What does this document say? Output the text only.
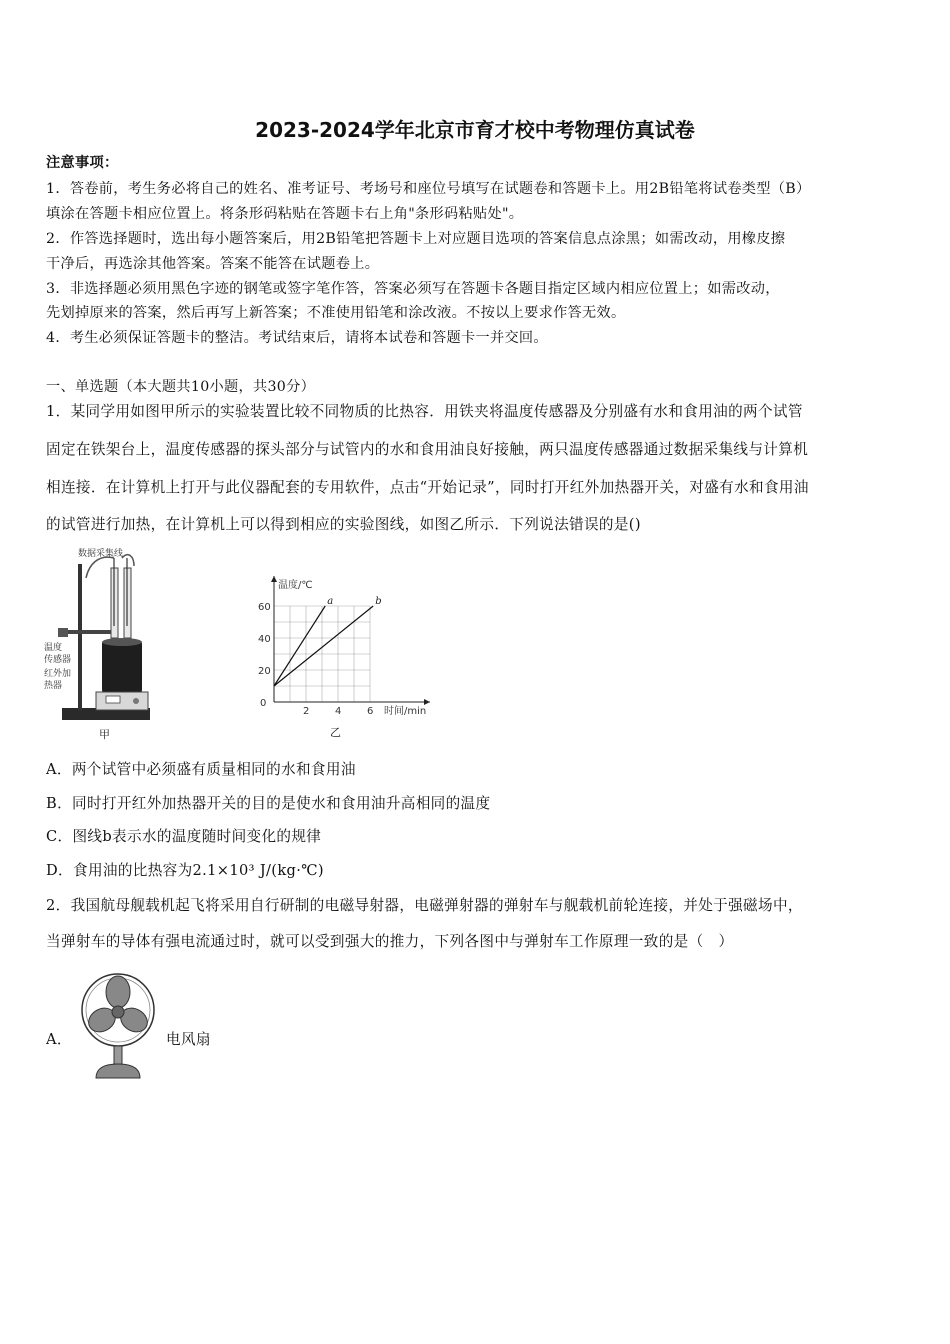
2023-2024学年北京市育才校中考物理仿真试卷
注意事项：
1．答卷前，考生务必将自己的姓名、准考证号、考场号和座位号填写在试题卷和答题卡上。用2B铅笔将试卷类型（B）
填涂在答题卡相应位置上。将条形码粘贴在答题卡右上角"条形码粘贴处"。
2．作答选择题时，选出每小题答案后，用2B铅笔把答题卡上对应题目选项的答案信息点涂黑；如需改动，用橡皮擦
干净后，再选涂其他答案。答案不能答在试题卷上。
3．非选择题必须用黑色字迹的钢笔或签字笔作答，答案必须写在答题卡各题目指定区域内相应位置上；如需改动，
先划掉原来的答案，然后再写上新答案；不准使用铅笔和涂改液。不按以上要求作答无效。
4．考生必须保证答题卡的整洁。考试结束后，请将本试卷和答题卡一并交回。
一、单选题（本大题共10小题，共30分）
1．某同学用如图甲所示的实验装置比较不同物质的比热容．用铁夹将温度传感器及分别盛有水和食用油的两个试管
固定在铁架台上，温度传感器的探头部分与试管内的水和食用油良好接触，两只温度传感器通过数据采集线与计算机
相连接．在计算机上打开与此仪器配套的专用软件，点击“开始记录”，同时打开红外加热器开关，对盛有水和食用油
的试管进行加热，在计算机上可以得到相应的实验图线，如图乙所示．下列说法错误的是()
数据采集线
温度
传感器
红外加
热器
甲
2	4	6
20
40
60
0
温度/℃
时间/min
乙
a	b
A．两个试管中必须盛有质量相同的水和食用油
B．同时打开红外加热器开关的目的是使水和食用油升高相同的温度
C．图线b表示水的温度随时间变化的规律
D．食用油的比热容为2.1×10³ J/(kg·℃)
2．我国航母舰载机起飞将采用自行研制的电磁导射器，电磁弹射器的弹射车与舰载机前轮连接，并处于强磁场中，
当弹射车的导体有强电流通过时，就可以受到强大的推力，下列各图中与弹射车工作原理一致的是（　）
A．	电风扇
